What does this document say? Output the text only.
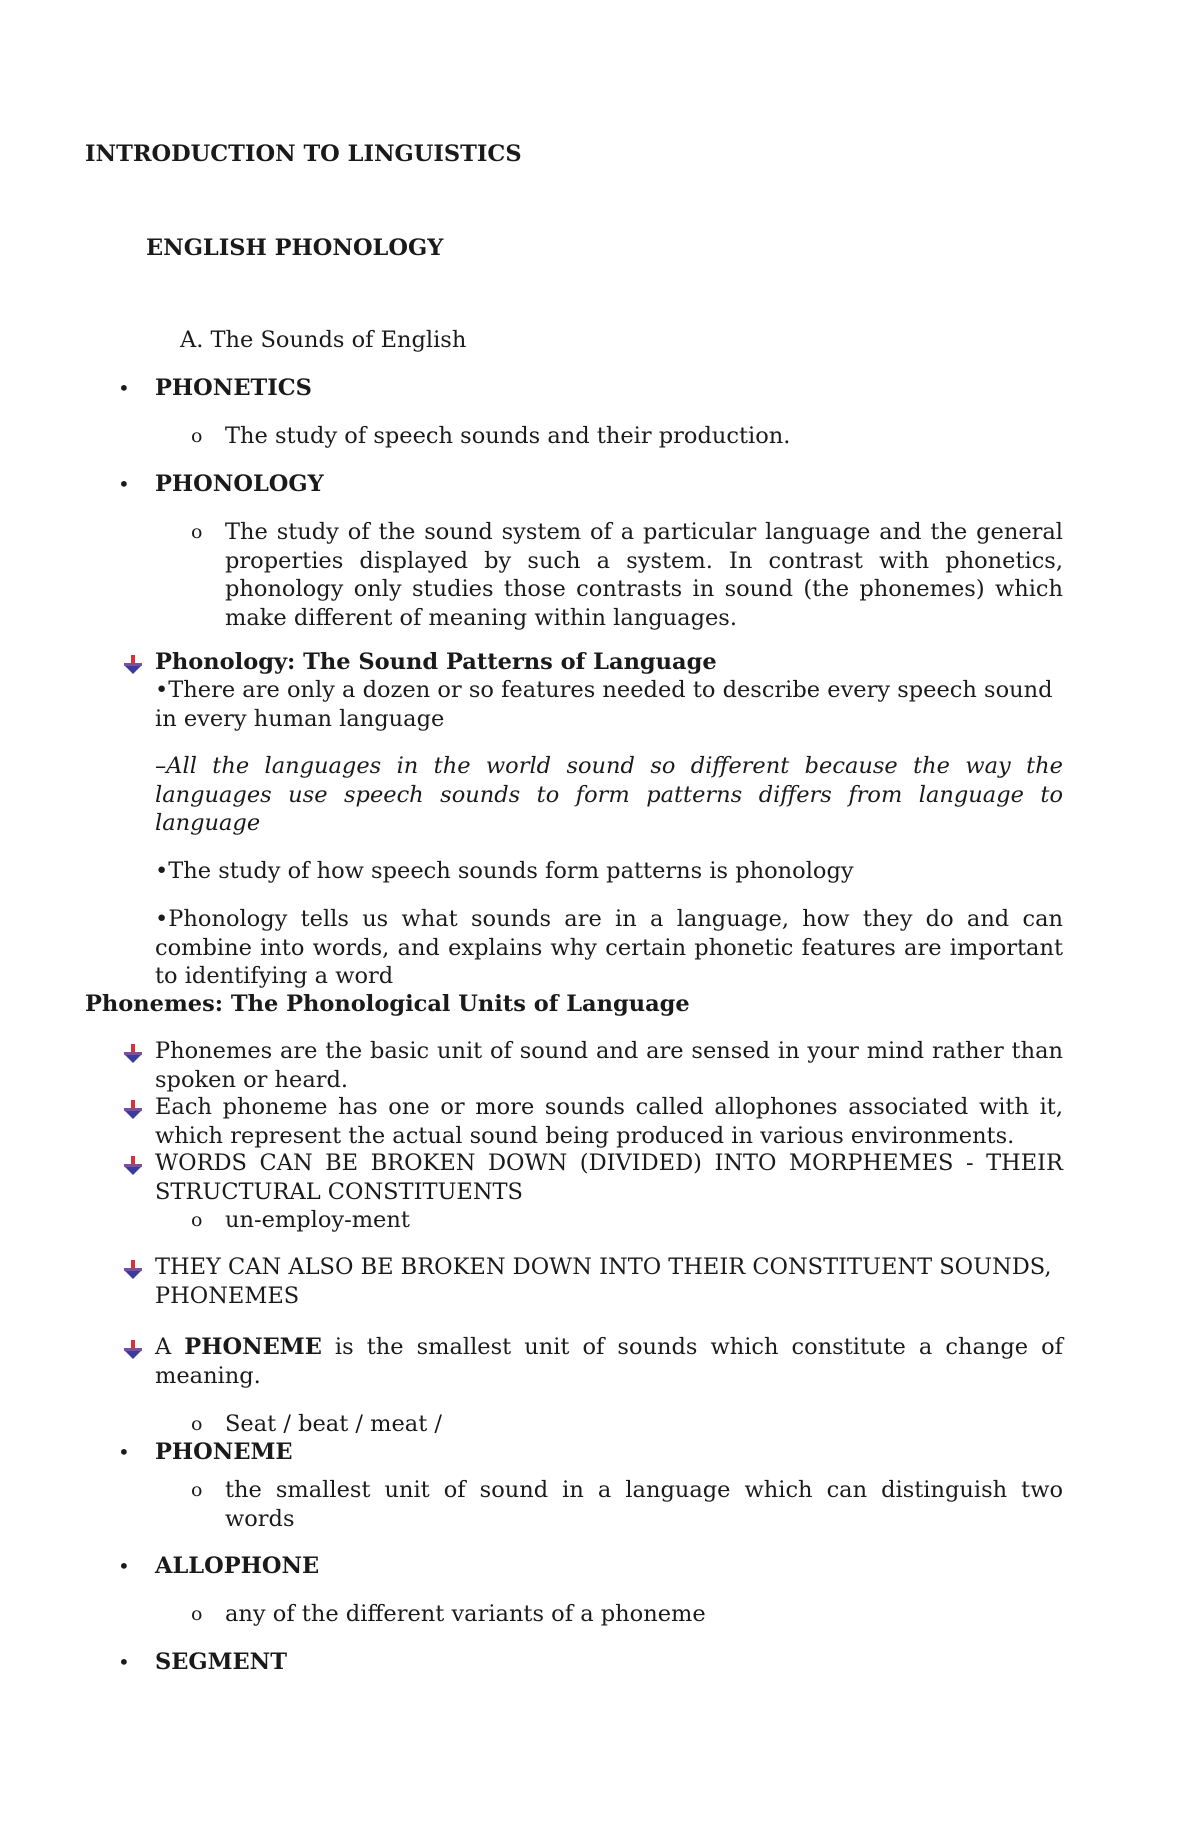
INTRODUCTION TO LINGUISTICS
ENGLISH PHONOLOGY
A. The Sounds of English
• PHONETICS
o The study of speech sounds and their production.
• PHONOLOGY
o The study of the sound system of a particular language and the general properties displayed by such a system. In contrast with phonetics, phonology only studies those contrasts in sound (the phonemes) which make different of meaning within languages.
Phonology: The Sound Patterns of Language
•There are only a dozen or so features needed to describe every speech sound in every human language
–All the languages in the world sound so different because the way the languages use speech sounds to form patterns differs from language to language
•The study of how speech sounds form patterns is phonology
•Phonology tells us what sounds are in a language, how they do and can combine into words, and explains why certain phonetic features are important to identifying a word
Phonemes: The Phonological Units of Language
Phonemes are the basic unit of sound and are sensed in your mind rather than spoken or heard.
Each phoneme has one or more sounds called allophones associated with it, which represent the actual sound being produced in various environments.
WORDS CAN BE BROKEN DOWN (DIVIDED) INTO MORPHEMES - THEIR STRUCTURAL CONSTITUENTS
o un-employ-ment
THEY CAN ALSO BE BROKEN DOWN INTO THEIR CONSTITUENT SOUNDS, PHONEMES
A PHONEME is the smallest unit of sounds which constitute a change of meaning.
o Seat / beat / meat /
• PHONEME
o the smallest unit of sound in a language which can distinguish two words
• ALLOPHONE
o any of the different variants of a phoneme
• SEGMENT
